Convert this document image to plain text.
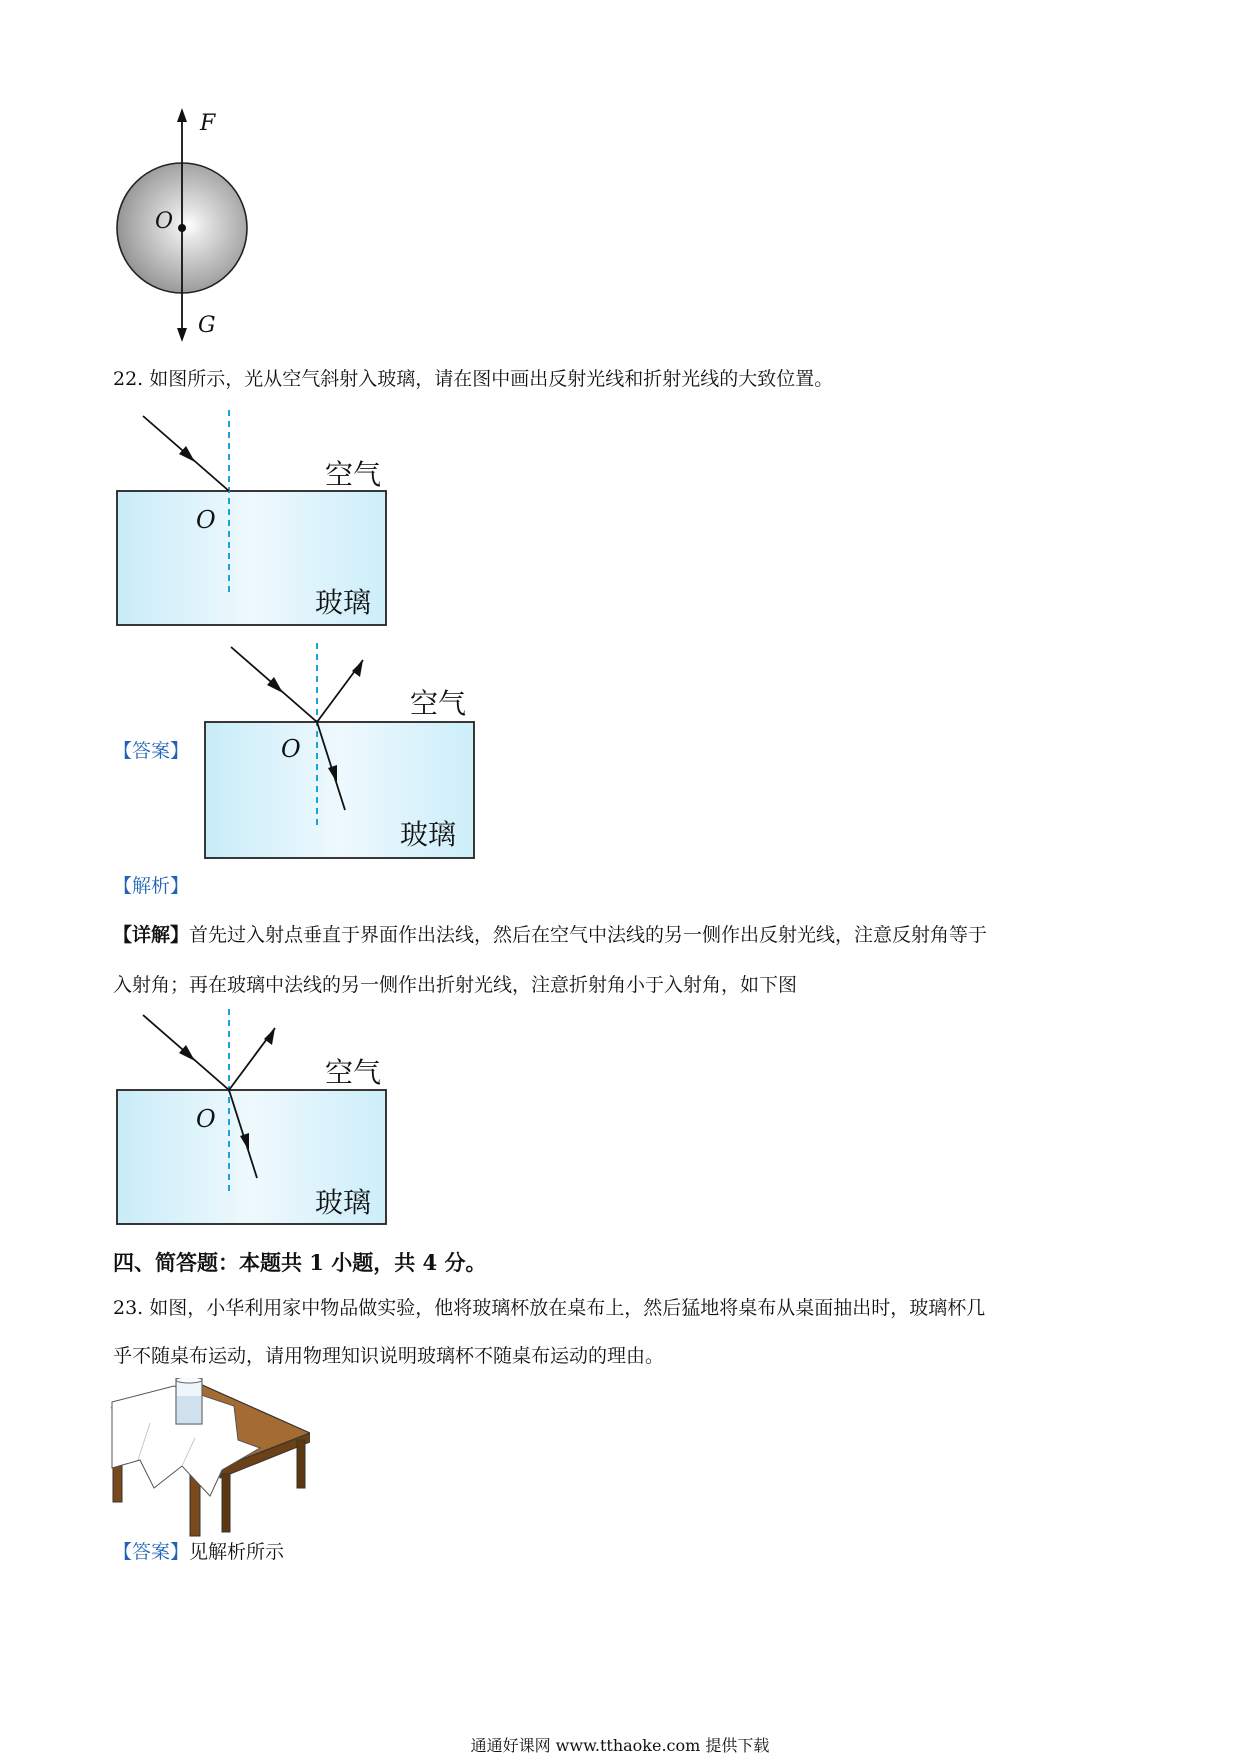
F
O
G
22. 如图所示，光从空气斜射入玻璃，请在图中画出反射光线和折射光线的大致位置。
空气
O
玻璃
【答案】
空气
O
玻璃
【解析】
【详解】首先过入射点垂直于界面作出法线，然后在空气中法线的另一侧作出反射光线，注意反射角等于
入射角；再在玻璃中法线的另一侧作出折射光线，注意折射角小于入射角，如下图
空气
O
玻璃
四、简答题：本题共 1 小题，共 4 分。
23. 如图，小华利用家中物品做实验，他将玻璃杯放在桌布上，然后猛地将桌布从桌面抽出时，玻璃杯几
乎不随桌布运动，请用物理知识说明玻璃杯不随桌布运动的理由。
【答案】见解析所示
通通好课网 www.tthaoke.com 提供下载
